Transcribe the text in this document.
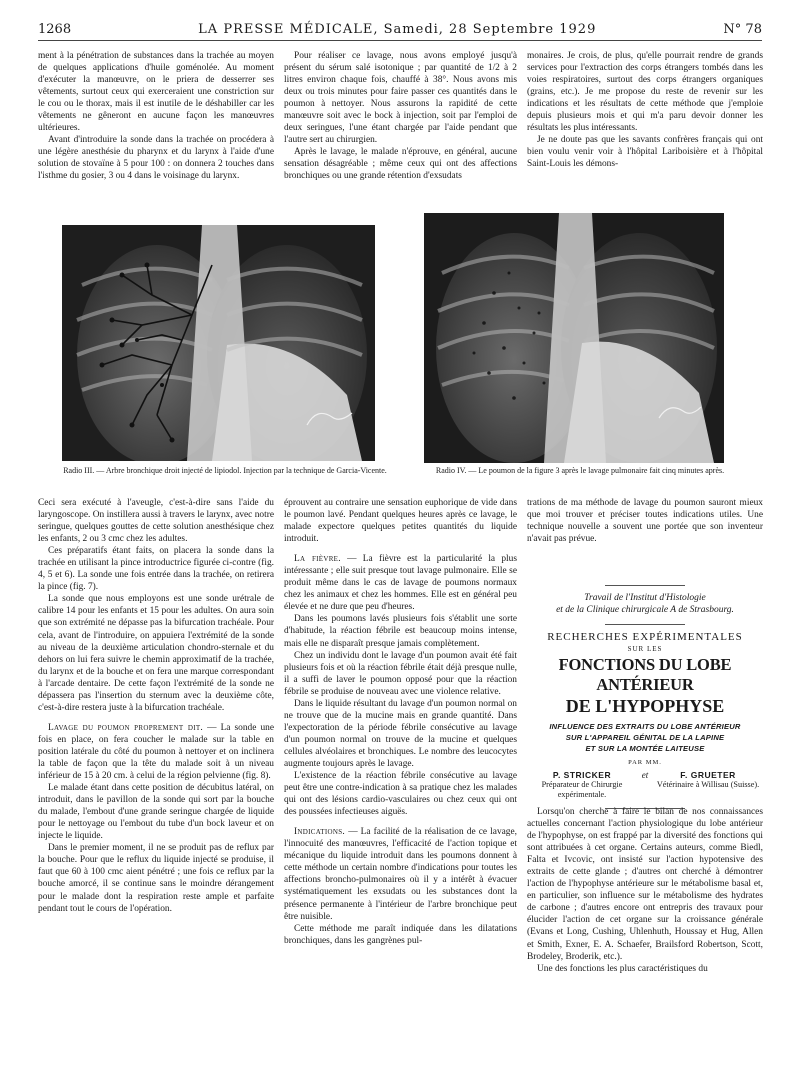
1268	LA PRESSE MÉDICALE, Samedi, 28 Septembre 1929	N° 78

ment à la pénétration de substances dans la trachée au moyen de quelques applications d'huile goménolée. Au moment d'exécuter la manœuvre, on le priera de desserrer ses vêtements, surtout ceux qui exerceraient une constriction sur le cou ou le thorax, mais il est inutile de le déshabiller car les vêtements ne gêneront en aucune façon les manœuvres ultérieures.

Avant d'introduire la sonde dans la trachée on procédera à une légère anesthésie du pharynx et du larynx à l'aide d'une solution de stovaïne à 5 pour 100 : on donnera 2 touches dans l'isthme du gosier, 3 ou 4 dans le voisinage du larynx.

Pour réaliser ce lavage, nous avons employé jusqu'à présent du sérum salé isotonique ; par quantité de 1/2 à 2 litres environ chaque fois, chauffé à 38°. Nous avons mis deux ou trois minutes pour faire passer ces quantités dans le poumon à nettoyer. Nous assurons la rapidité de cette manœuvre soit avec le bock à injection, soit par l'emploi de deux seringues, l'une étant chargée par l'aide pendant que l'autre sert au chirurgien.

Après le lavage, le malade n'éprouve, en général, aucune sensation désagréable ; même ceux qui ont des affections bronchiques ou une grande rétention d'exsudats

monaires. Je crois, de plus, qu'elle pourrait rendre de grands services pour l'extraction des corps étrangers tombés dans les voies respiratoires, surtout des corps étrangers organiques (grains, etc.). Je me propose du reste de revenir sur les indications et les résultats de cette méthode que j'emploie depuis plusieurs mois et qui m'a paru devoir donner les résultats les plus intéressants.

Je ne doute pas que les savants confrères français qui ont bien voulu venir voir à l'hôpital Lariboisière et à l'hôpital Saint-Louis les démons-

Radio III. — Arbre bronchique droit injecté de lipiodol. Injection par la technique de Garcia-Vicente.	Radio IV. — Le poumon de la figure 3 après le lavage pulmonaire fait cinq minutes après.

Ceci sera exécuté à l'aveugle, c'est-à-dire sans l'aide du laryngoscope. On instillera aussi à travers le larynx, avec notre seringue, quelques gouttes de cette solution anesthésique chez les enfants, 2 ou 3 cmc chez les adultes.

Ces préparatifs étant faits, on placera la sonde dans la trachée en utilisant la pince introductrice figurée ci-contre (fig. 4, 5 et 6). La sonde une fois entrée dans la trachée, on retirera la pince (fig. 7).

La sonde que nous employons est une sonde urétrale de calibre 14 pour les enfants et 15 pour les adultes. On aura soin que son extrémité ne dépasse pas la bifurcation trachéale. Pour cela, avant de l'introduire, on appuiera l'extrémité de la sonde au niveau de la deuxième articulation chondro-sternale et du dehors on lui fera suivre le chemin approximatif de la trachée, du larynx et de la bouche et on fera une marque correspondant à l'arcade dentaire. De cette façon l'extrémité de la sonde ne dépassera pas l'insertion du sternum avec la deuxième côte, c'est-à-dire restera juste à la bifurcation trachéale.

Lavage du poumon proprement dit. — La sonde une fois en place, on fera coucher le malade sur la table en position latérale du côté du poumon à nettoyer et on inclinera la table de façon que la tête du malade soit à un niveau inférieur de 15 à 20 cm. à celui de la région pelvienne (fig. 8).

Le malade étant dans cette position de décubitus latéral, on introduit, dans le pavillon de la sonde qui sort par la bouche du malade, l'embout d'une grande seringue chargée de liquide pour le nettoyage ou l'embout du tube d'un bock laveur et on injecte le liquide.

Dans le premier moment, il ne se produit pas de reflux par la bouche. Pour que le reflux du liquide injecté se produise, il faut que 60 à 100 cmc aient pénétré ; une fois ce reflux par la bouche amorcé, il se continue sans le moindre dérangement pour le malade dont la respiration reste ample et parfaite pendant tout le cours de l'opération.

éprouvent au contraire une sensation euphorique de vide dans le poumon lavé. Pendant quelques heures après ce lavage, le malade expectore quelques petites quantités du liquide introduit.

La fièvre. — La fièvre est la particularité la plus intéressante ; elle suit presque tout lavage pulmonaire. Elle se produit même dans le cas de lavage de poumons normaux chez les animaux et chez les hommes. Elle est en général peu élevée et ne dure que peu d'heures.

Dans les poumons lavés plusieurs fois s'établit une sorte d'habitude, la réaction fébrile est beaucoup moins intense, mais elle ne disparaît presque jamais complètement.

Chez un individu dont le lavage d'un poumon avait été fait plusieurs fois et où la réaction fébrile était déjà presque nulle, il a suffi de laver le poumon opposé pour que la réaction fébrile se produise de nouveau avec une violence relative.

Dans le liquide résultant du lavage d'un poumon normal on ne trouve que de la mucine mais en grande quantité. Dans l'expectoration de la période fébrile consécutive au lavage d'un poumon normal on trouve de la mucine et quelques cellules alvéolaires et bronchiques. Le nombre des leucocytes augmente toujours après le lavage.

L'existence de la réaction fébrile consécutive au lavage peut être une contre-indication à sa pratique chez les malades qui ont des lésions cardio-vasculaires ou chez ceux qui ont des poussées infectieuses aiguës.

Indications. — La facilité de la réalisation de ce lavage, l'innocuité des manœuvres, l'efficacité de l'action topique et mécanique du liquide introduit dans les poumons donnent à cette méthode un certain nombre d'indications pour toutes les affections broncho-pulmonaires où il y a intérêt à évacuer systématiquement les exsudats ou les substances dont la présence permanente à l'intérieur de l'arbre bronchique peut être nuisible.

Cette méthode me paraît indiquée dans les dilatations bronchiques, dans les gangrènes pul-

trations de ma méthode de lavage du poumon sauront mieux que moi trouver et préciser toutes indications utiles. Une technique nouvelle a souvent une portée que son inventeur n'avait pas prévue.

Travail de l'Institut d'Histologie
et de la Clinique chirurgicale A de Strasbourg.
RECHERCHES EXPÉRIMENTALES
SUR LES
FONCTIONS DU LOBE ANTÉRIEUR
DE L'HYPOPHYSE
INFLUENCE DES EXTRAITS DU LOBE ANTÉRIEUR
SUR L'APPAREIL GÉNITAL DE LA LAPINE
ET SUR LA MONTÉE LAITEUSE
PAR MM.
P. STRICKER
Préparateur de Chirurgie expérimentale.
et	F. GRUETER
Vétérinaire à Willisau (Suisse).

Lorsqu'on cherche à faire le bilan de nos connaissances actuelles concernant l'action physiologique du lobe antérieur de l'hypophyse, on est frappé par la diversité des fonctions qui sont attribuées à cet organe. Certains auteurs, comme Biedl, Falta et Ivcovic, ont insisté sur l'action hypotensive des extraits de cette glande ; d'autres ont cherché à démontrer l'action de l'hypophyse antérieure sur le métabolisme basal et, en particulier, son influence sur le métabolisme des hydrates de carbone ; d'autres encore ont entrepris des travaux pour élucider l'action de cet organe sur la croissance générale (Evans et Long, Cushing, Uhlenhuth, Houssay et Hug, Allen et Smith, Exner, E. A. Schaefer, Brailsford Robertson, Scott, Brodeley, Broderik, etc.).

Une des fonctions les plus caractéristiques du
